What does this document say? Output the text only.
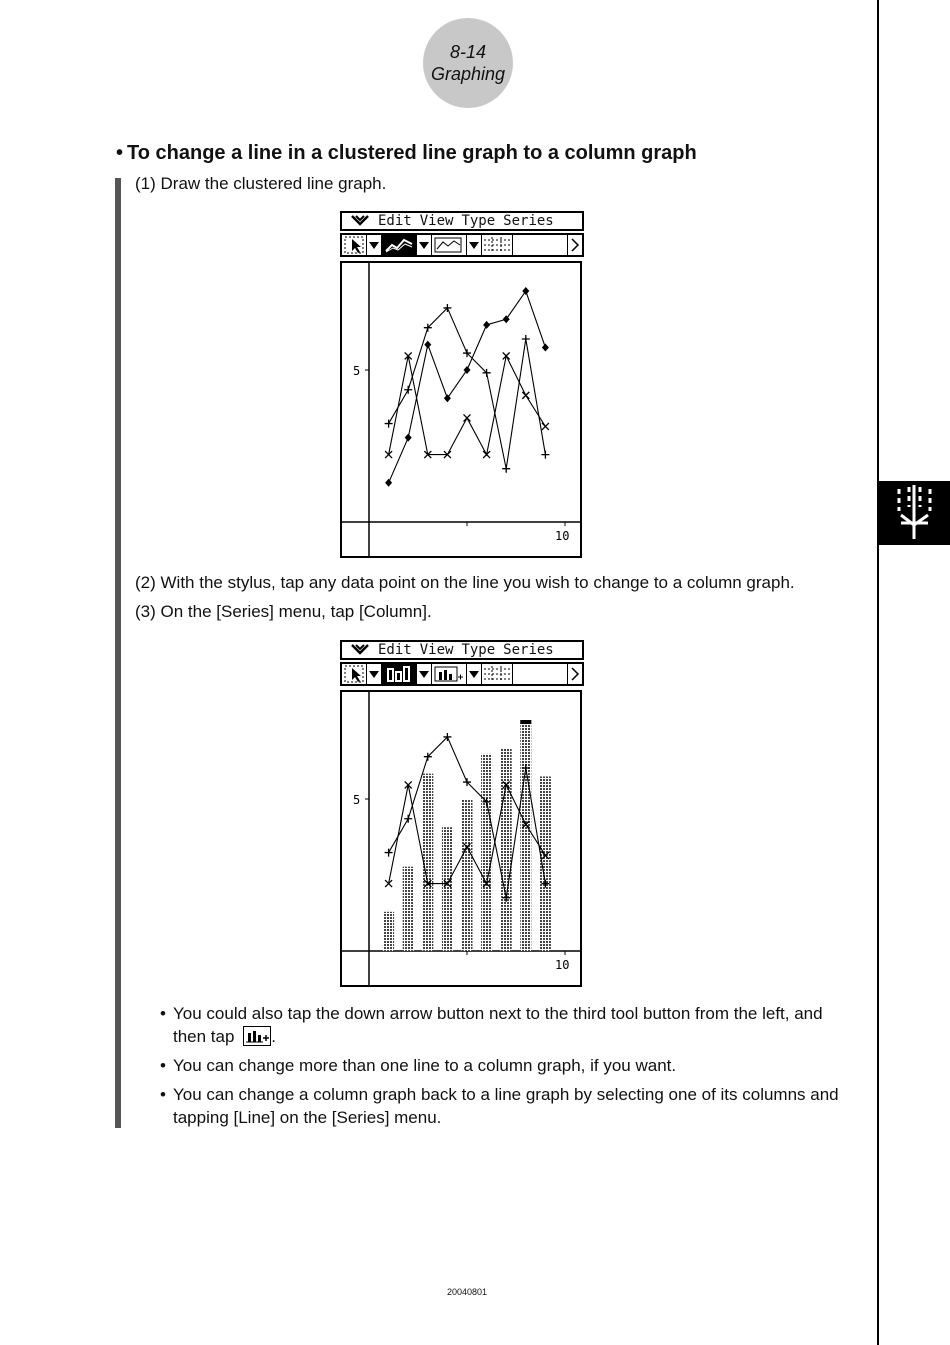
8-14
Graphing
• To change a line in a clustered line graph to a column graph
(1) Draw the clustered line graph.
Edit View Type Series
5
10
(2) With the stylus, tap any data point on the line you wish to change to a column graph.
(3) On the [Series] menu, tap [Column].
Edit View Type Series
5
10
• You could also tap the down arrow button next to the third tool button from the left, and then tap .
• You can change more than one line to a column graph, if you want.
• You can change a column graph back to a line graph by selecting one of its columns and tapping [Line] on the [Series] menu.
20040801
